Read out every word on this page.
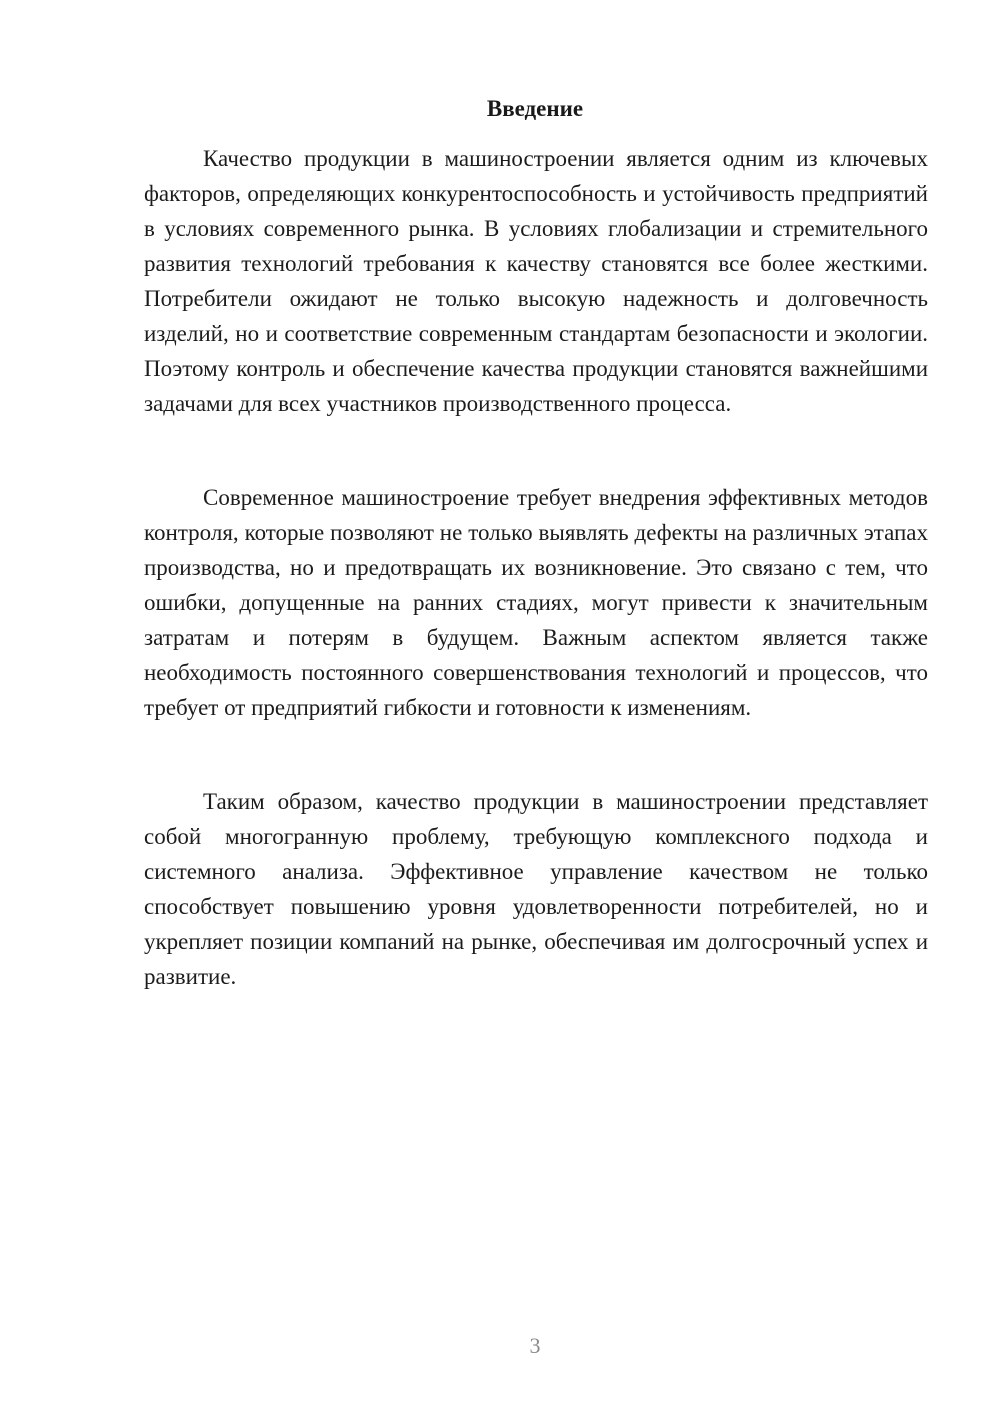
Введение

Качество продукции в машиностроении является одним из ключевых факторов, определяющих конкурентоспособность и устойчивость предприятий в условиях современного рынка. В условиях глобализации и стремительного развития технологий требования к качеству становятся все более жесткими. Потребители ожидают не только высокую надежность и долговечность изделий, но и соответствие современным стандартам безопасности и экологии. Поэтому контроль и обеспечение качества продукции становятся важнейшими задачами для всех участников производственного процесса.

Современное машиностроение требует внедрения эффективных методов контроля, которые позволяют не только выявлять дефекты на различных этапах производства, но и предотвращать их возникновение. Это связано с тем, что ошибки, допущенные на ранних стадиях, могут привести к значительным затратам и потерям в будущем. Важным аспектом является также необходимость постоянного совершенствования технологий и процессов, что требует от предприятий гибкости и готовности к изменениям.

Таким образом, качество продукции в машиностроении представляет собой многогранную проблему, требующую комплексного подхода и системного анализа. Эффективное управление качеством не только способствует повышению уровня удовлетворенности потребителей, но и укрепляет позиции компаний на рынке, обеспечивая им долгосрочный успех и развитие.

3
